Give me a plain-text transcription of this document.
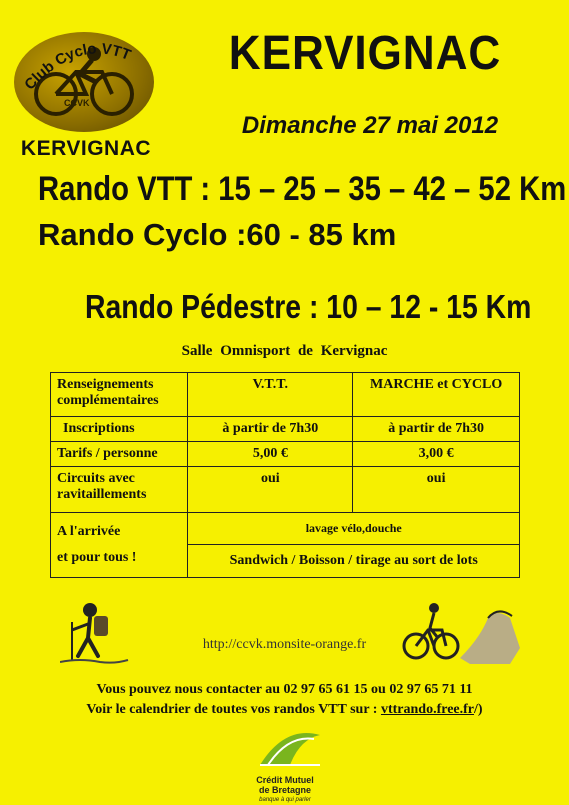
CCVK
Club Cyclo VTT
KERVIGNAC
KERVIGNAC
Dimanche 27 mai 2012
Rando VTT : 15 – 25 – 35 – 42 – 52 Km
Rando Cyclo :60 - 85 km
Rando Pédestre : 10 – 12 - 15 Km
Salle Omnisport de Kervignac
Renseignements complémentaires	V.T.T.	MARCHE et CYCLO
Inscriptions	à partir de 7h30	à partir de 7h30
Tarifs / personne	5,00 €	3,00 €
Circuits avec ravitaillements	oui	oui

A l'arrivée
et pour tous !	lavage vélo,douche	
	Sandwich / Boisson / tirage au sort de lots	
http://ccvk.monsite-orange.fr
Vous pouvez nous contacter au 02 97 65 61 15 ou 02 97 65 71 11
Voir le calendrier de toutes vos randos VTT sur : vttrando.free.fr/)
Crédit Mutuel
de Bretagne
banque à qui parler
